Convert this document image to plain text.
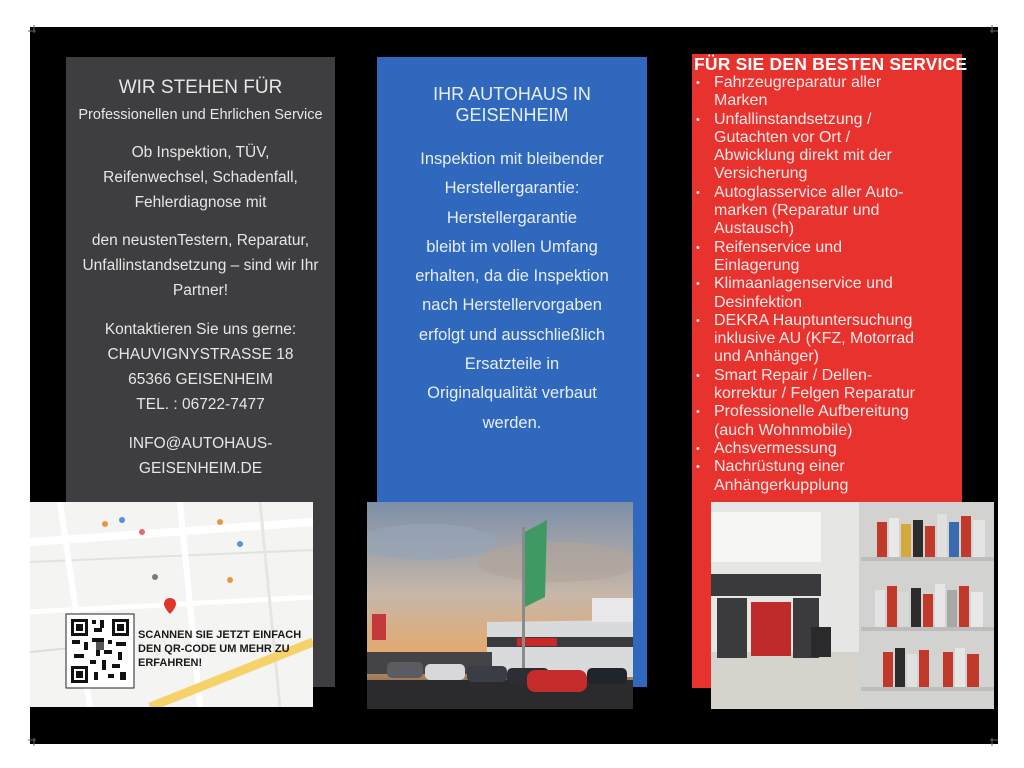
WIR STEHEN FÜR
Professionellen und Ehrlichen Service

Ob Inspektion, TÜV,
Reifenwechsel, Schadenfall,
Fehlerdiagnose mit

den neustenTestern, Reparatur,
Unfallinstandsetzung – sind wir Ihr
Partner!

Kontaktieren Sie uns gerne:
CHAUVIGNYSTRASSE 18
65366 GEISENHEIM
TEL. : 06722-7477

INFO@AUTOHAUS-
GEISENHEIM.DE

IHR AUTOHAUS IN
GEISENHEIM

Inspektion mit bleibender
Herstellergarantie:
Herstellergarantie
bleibt im vollen Umfang
erhalten, da die Inspektion
nach Herstellervorgaben
erfolgt und ausschließlich
Ersatzteile in
Originalqualität verbaut
werden.

FÜR SIE DEN BESTEN SERVICE
• Fahrzeugreparatur aller
Marken
• Unfallinstandsetzung /
Gutachten vor Ort /
Abwicklung direkt mit der
Versicherung
• Autoglasservice aller Auto-
marken (Reparatur und
Austausch)
• Reifenservice und
Einlagerung
• Klimaanlagenservice und
Desinfektion
• DEKRA Hauptuntersuchung
inklusive AU (KFZ, Motorrad
und Anhänger)
• Smart Repair / Dellen-
korrektur / Felgen Reparatur
• Professionelle Aufbereitung
(auch Wohnmobile)
• Achsvermessung
• Nachrüstung einer
Anhängerkupplung
SCANNEN SIE JETZT EINFACH
DEN QR-CODE UM MEHR ZU
ERFAHREN!
